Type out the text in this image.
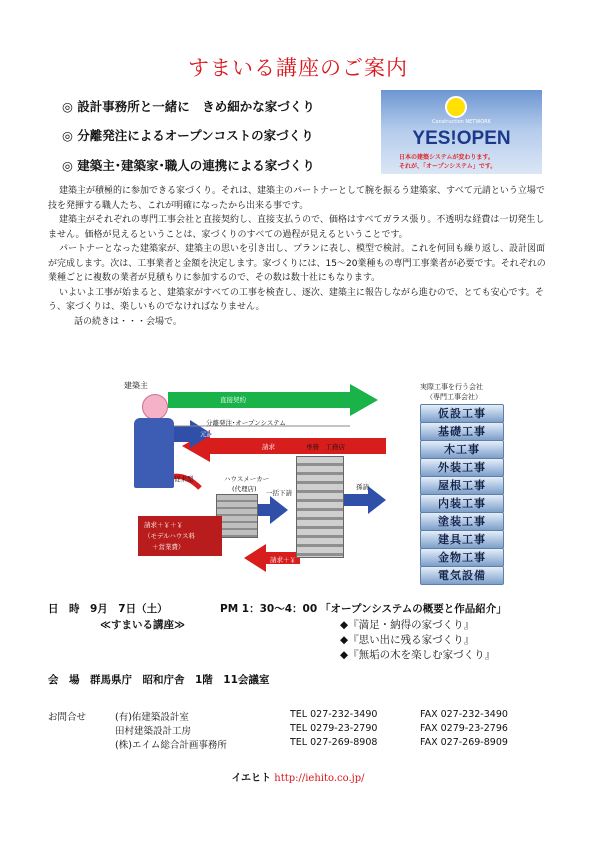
すまいる講座のご案内
◎ 設計事務所と一緒に　きめ細かな家づくり
◎ 分離発注によるオープンコストの家づくり
◎ 建築主･建築家･職人の連携による家づくり
Construction NETWORK
YES!OPEN
日本の建築システムが変わります。
それが、「オープンシステム」です。

建築主が積極的に参加できる家づくり。それは、建築主のパートナーとして腕を振るう建築家、すべて元請という立場で技を発揮する職人たち、これが明確になったから出来る事です。

建築主がそれぞれの専門工事会社と直接契約し、直接支払うので、価格はすべてガラス張り。不透明な経費は一切発生しません。価格が見えるということは、家づくりのすべての過程が見えるということです。

パートナーとなった建築家が、建築主の思いを引き出し、プランに表し、模型で検討。これを何回も繰り返し、設計図面が完成します。次は、工事業者と金額を決定します。家づくりには、15～20業種もの専門工事業者が必要です。それぞれの業種ごとに複数の業者が見積もりに参加するので、その数は数十社にもなります。

いよいよ工事が始まると、建築家がすべての工事を検査し、逐次、建築主に報告しながら進むので、とても安心です。そう、家づくりは、楽しいものでなければなりません。

話の続きは・・・会場で。

建築主
直接契約
分離発注･オープンシステム
請求
元請
従来型	ハウスメーカー
(代理店)
専務　工務店
一括下請
孫請
請求＋￥＋￥
（モデルハウス料
＋営業費）
請求＋￥
実際工事を行う会社
（専門工事会社）
仮設工事
基礎工事
木工事
外装工事
屋根工事
内装工事
塗装工事
建具工事
金物工事
電気設備
日　時　9月　7日（土）	PM 1：30～4：00 「オープンシステムの概要と作品紹介」
≪すまいる講座≫	◆『満足・納得の家づくり』
◆『思い出に残る家づくり』
◆『無垢の木を楽しむ家づくり』
会　場　群馬県庁　昭和庁舎　1階　11会議室
お問合せ	(有)佑建築設計室	TEL 027-232-3490	FAX 027-232-3490
田村建築設計工房	TEL 0279-23-2790	FAX 0279-23-2796
(株)エイム総合計画事務所	TEL 027-269-8908	FAX 027-269-8909
イエヒト http://iehito.co.jp/
